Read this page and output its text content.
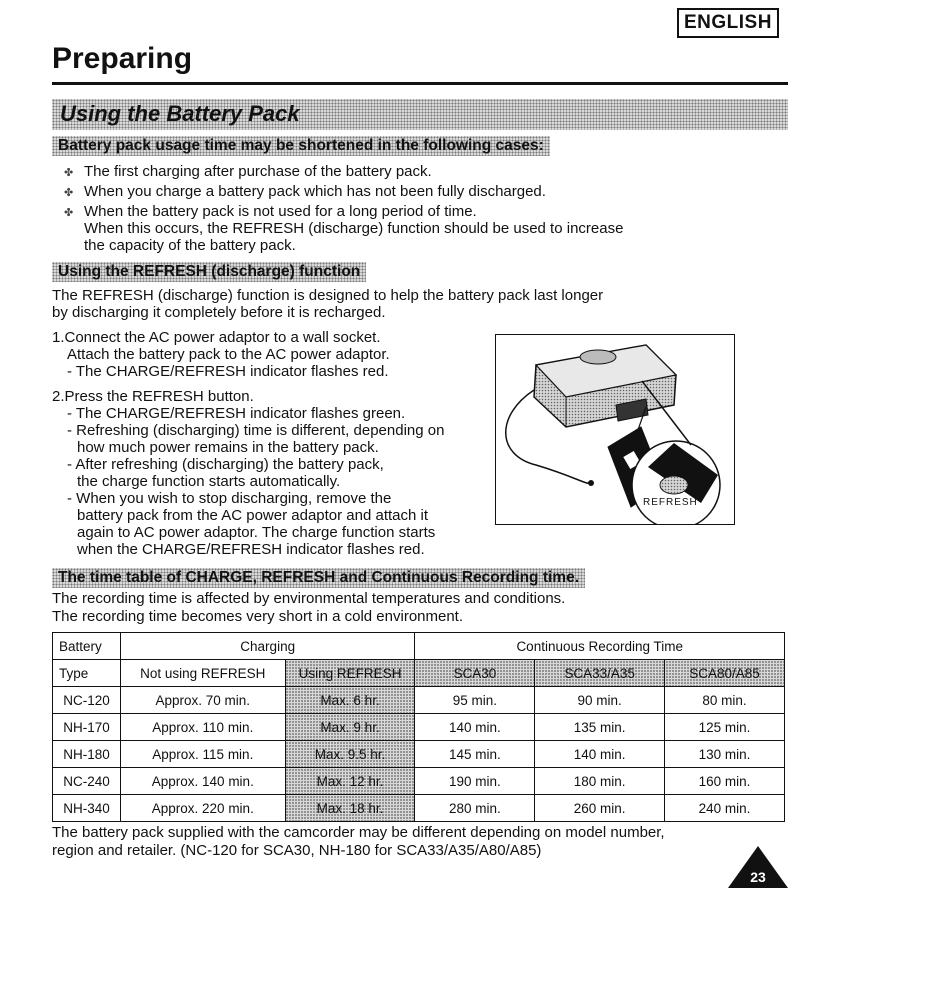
ENGLISH
Preparing
Using the Battery Pack
Battery pack usage time may be shortened in the following cases:
✤ The first charging after purchase of the battery pack.
✤ When you charge a battery pack which has not been fully discharged.
✤ When the battery pack is not used for a long period of time.
When this occurs, the REFRESH (discharge) function should be used to increase
the capacity of the battery pack.
Using the REFRESH (discharge) function
The REFRESH (discharge) function is designed to help the battery pack last longer
by discharging it completely before it is recharged.
1.Connect the AC power adaptor to a wall socket.
Attach the battery pack to the AC power adaptor.
- The CHARGE/REFRESH indicator flashes red.
2.Press the REFRESH button.
- The CHARGE/REFRESH indicator flashes green.
- Refreshing (discharging) time is different, depending on
how much power remains in the battery pack.
- After refreshing (discharging) the battery pack,
the charge function starts automatically.
- When you wish to stop discharging, remove the
battery pack from the AC power adaptor and attach it
again to AC power adaptor. The charge function starts
when the CHARGE/REFRESH indicator flashes red.
REFRESH
The time table of CHARGE, REFRESH and Continuous Recording time.
The recording time is affected by environmental temperatures and conditions.
The recording time becomes very short in a cold environment.
Battery	Charging		Continuous Recording Time		
Type	Not using REFRESH	Using REFRESH	SCA30	SCA33/A35	SCA80/A85
NC-120	Approx. 70 min.	Max. 6 hr.	95 min.	90 min.	80 min.
NH-170	Approx. 110 min.	Max. 9 hr.	140 min.	135 min.	125 min.
NH-180	Approx. 115 min.	Max. 9.5 hr.	145 min.	140 min.	130 min.
NC-240	Approx. 140 min.	Max. 12 hr.	190 min.	180 min.	160 min.
NH-340	Approx. 220 min.	Max. 18 hr.	280 min.	260 min.	240 min.
The battery pack supplied with the camcorder may be different depending on model number,
region and retailer. (NC-120 for SCA30, NH-180 for SCA33/A35/A80/A85)
23
